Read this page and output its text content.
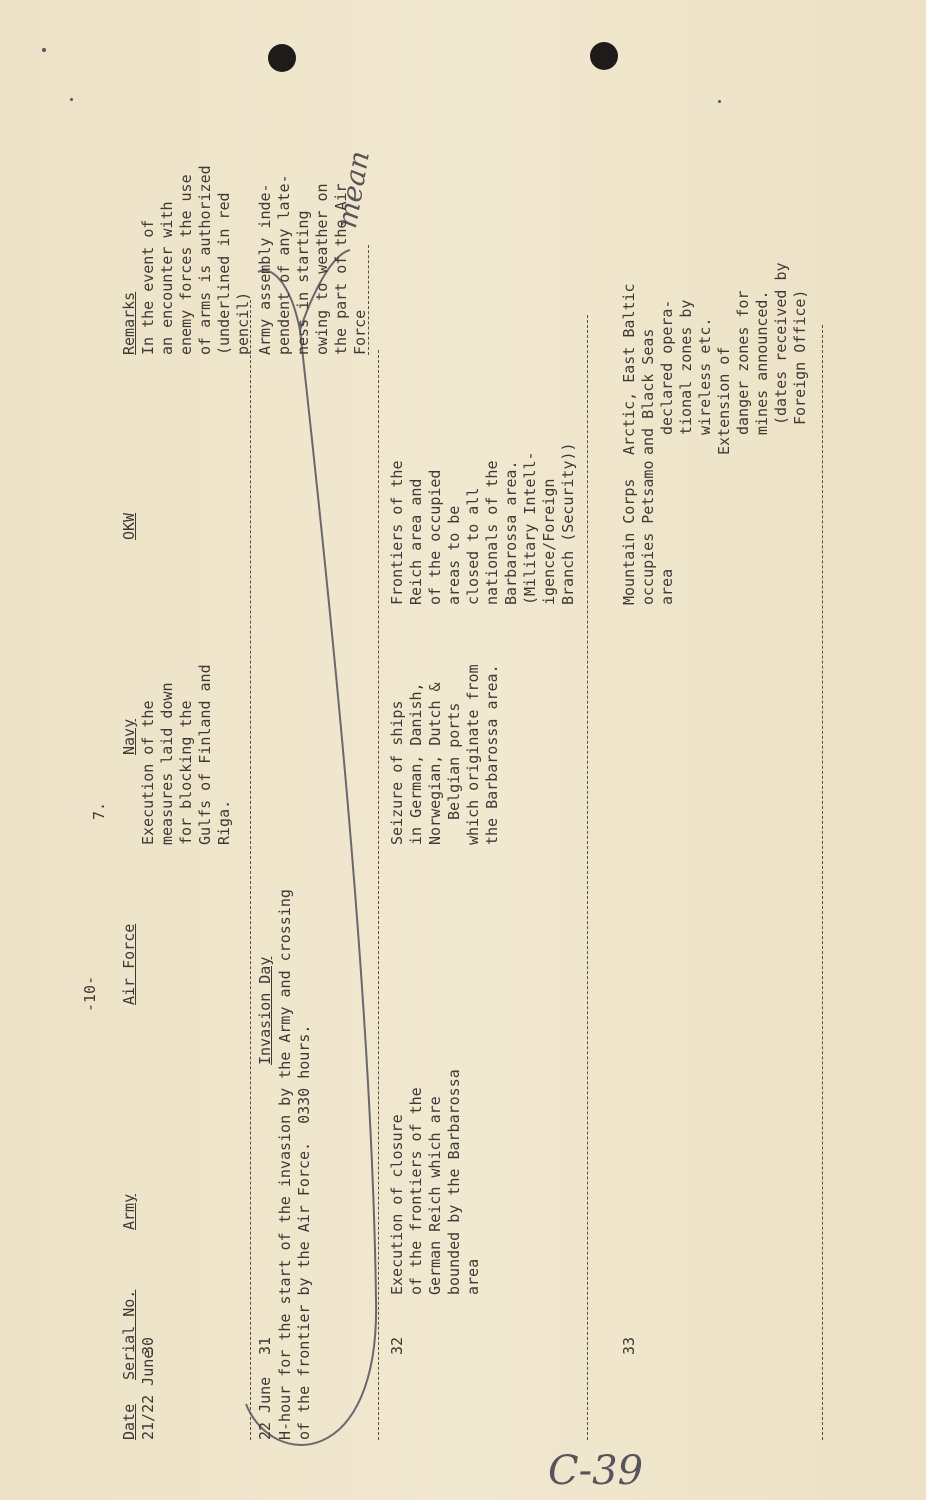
C-39
mean
-10-
7.
Date
Serial No.
Army
Air Force
Navy
OKW
Remarks
21/22 June
30
Execution of the measures laid down for blocking the Gulfs of Finland and Riga.
In the event of an encounter with enemy forces the use of arms is authorized (underlined in red pencil)
22 June
31
Invasion Day H-hour for the start of the invasion by the Army and crossing of the frontier by the Air Force.  0330 hours.
Army assembly inde- pendent of any late- ness in starting owing to weather on the part of the Air Force
32
Execution of closure of the frontiers of the German Reich which are bounded by the Barbarossa area
Seizure of ships in German, Danish, Norwegian, Dutch & Belgian ports which originate from the Barbarossa area.
Frontiers of the Reich area and of the occupied areas to be closed to all nationals of the Barbarossa area. (Military Intell- igence/Foreign Branch (Security))
33
Mountain Corps occupies Petsamo area
Arctic, East Baltic and Black Seas declared opera- tional zones by wireless etc. Extension of danger zones for mines announced. (dates received by Foreign Office)
